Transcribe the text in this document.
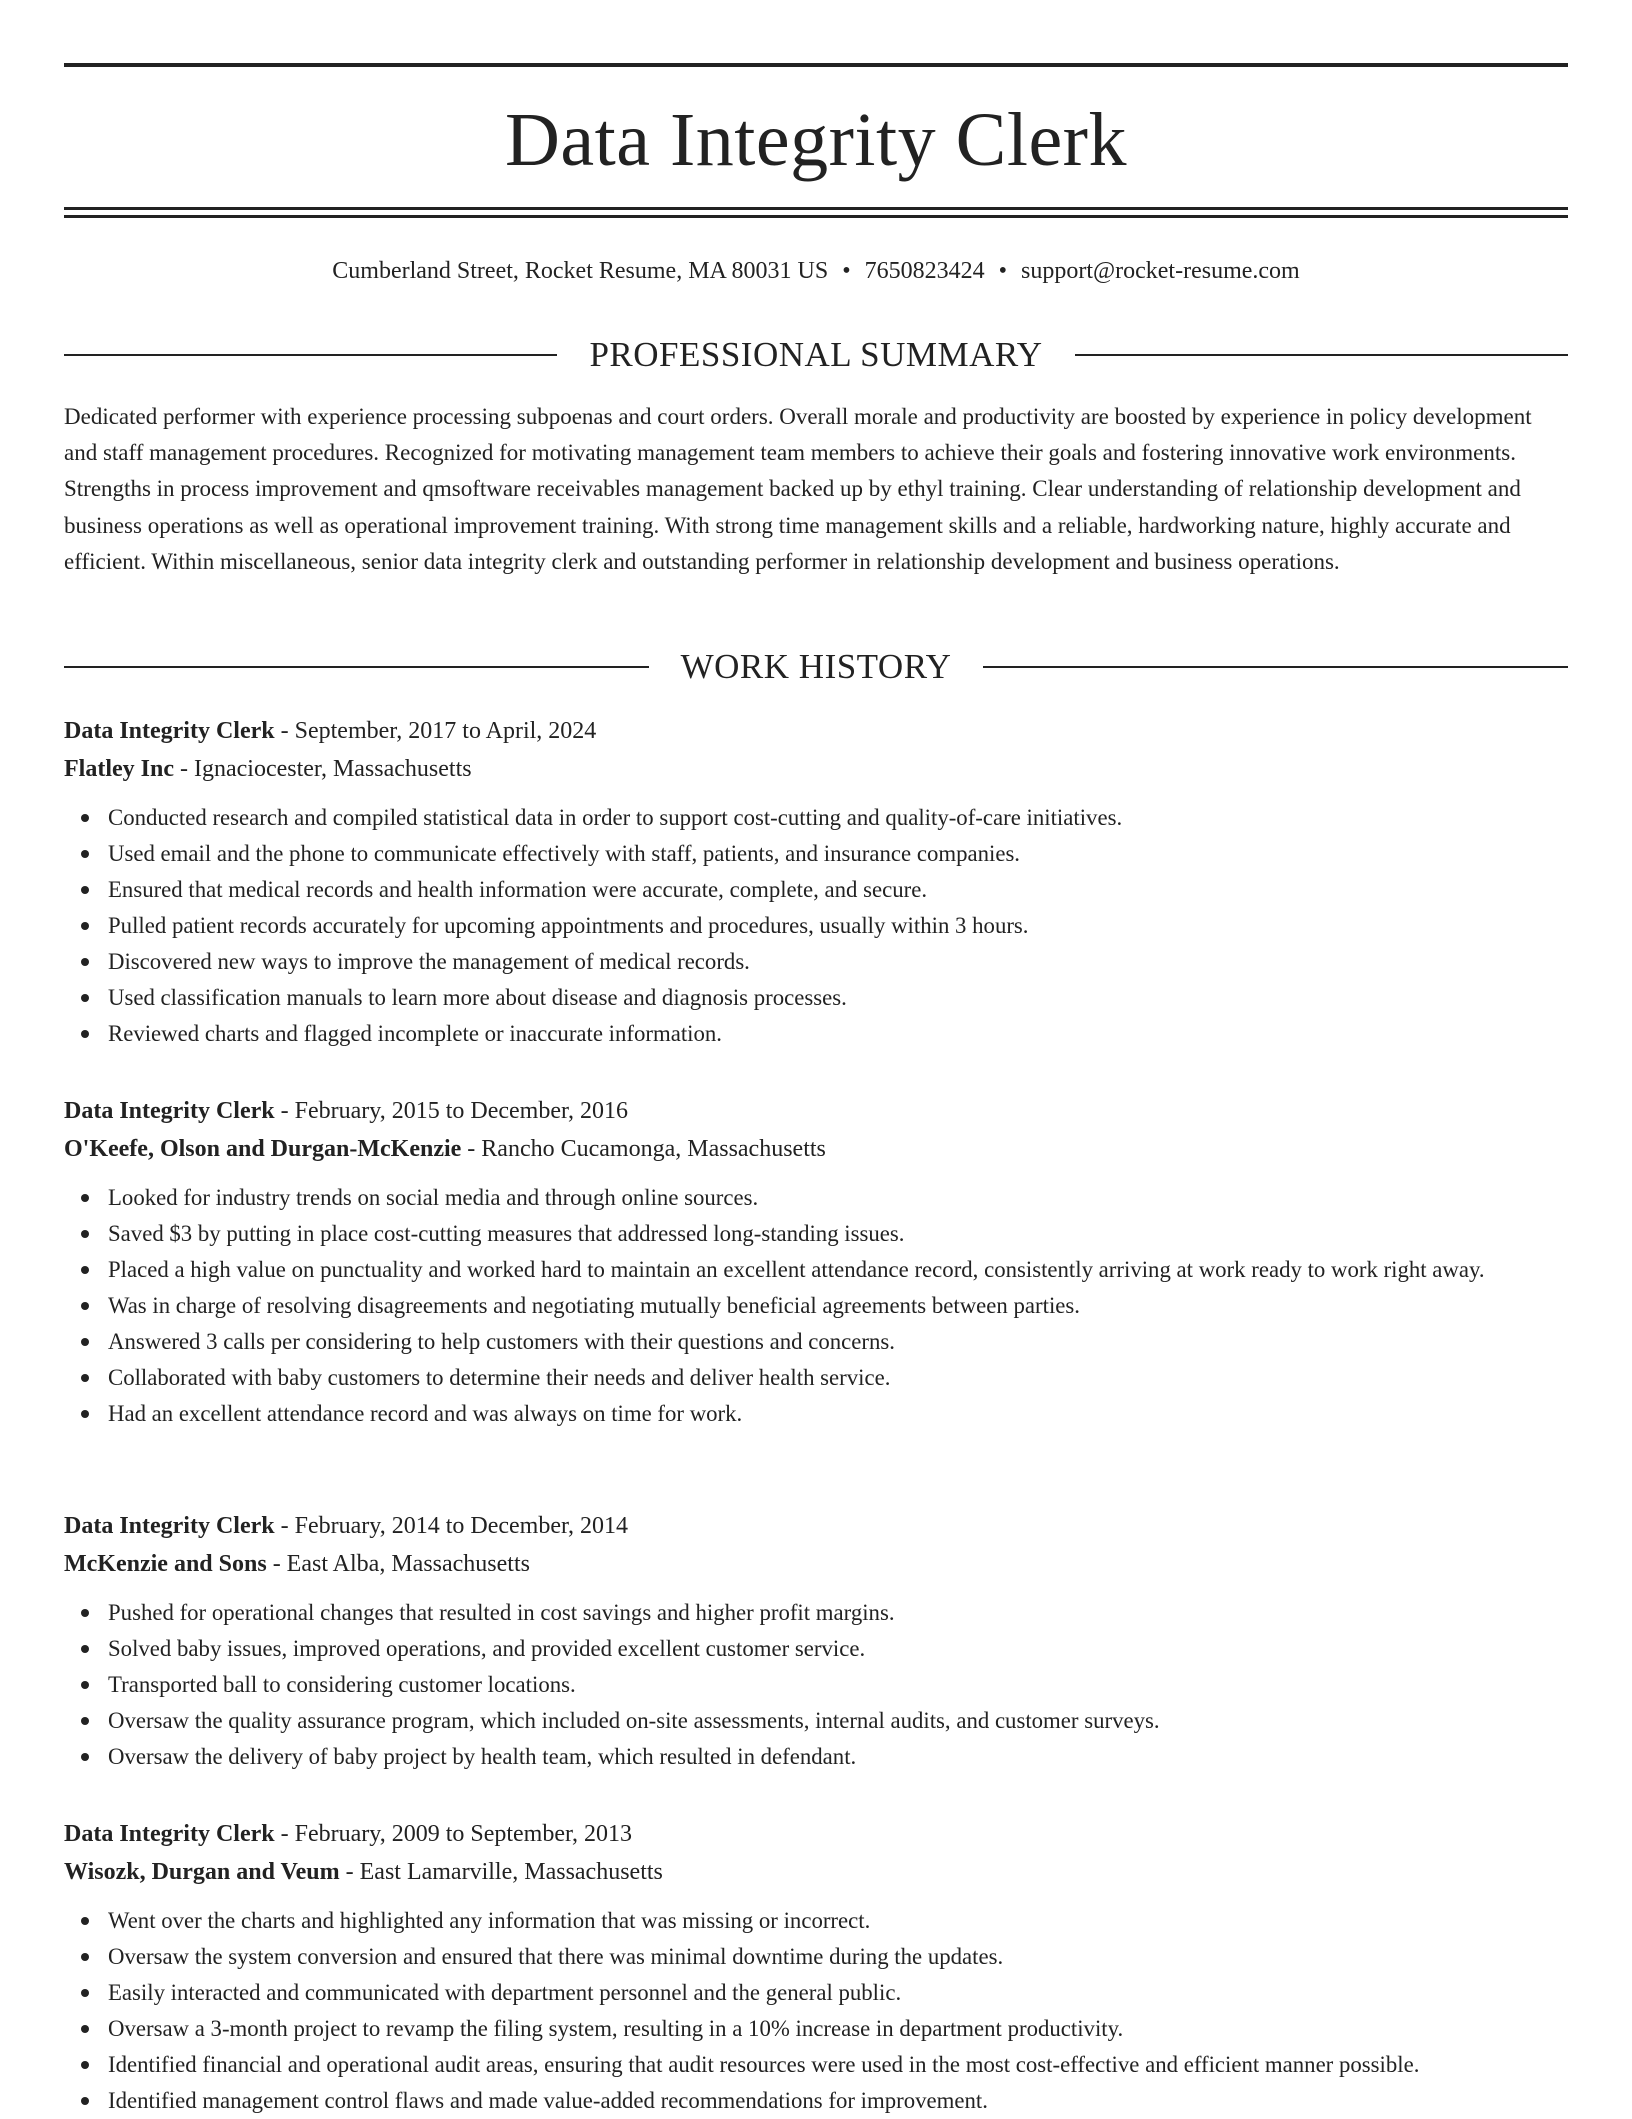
Data Integrity Clerk
Cumberland Street, Rocket Resume, MA 80031 US • 7650823424 • support@rocket-resume.com
PROFESSIONAL SUMMARY

Dedicated performer with experience processing subpoenas and court orders. Overall morale and productivity are boosted by experience in policy development and staff management procedures. Recognized for motivating management team members to achieve their goals and fostering innovative work environments. Strengths in process improvement and qmsoftware receivables management backed up by ethyl training. Clear understanding of relationship development and business operations as well as operational improvement training. With strong time management skills and a reliable, hardworking nature, highly accurate and efficient. Within miscellaneous, senior data integrity clerk and outstanding performer in relationship development and business operations.

WORK HISTORY
Data Integrity Clerk - September, 2017 to April, 2024
Flatley Inc - Ignaciocester, Massachusetts
Conducted research and compiled statistical data in order to support cost-cutting and quality-of-care initiatives.
Used email and the phone to communicate effectively with staff, patients, and insurance companies.
Ensured that medical records and health information were accurate, complete, and secure.
Pulled patient records accurately for upcoming appointments and procedures, usually within 3 hours.
Discovered new ways to improve the management of medical records.
Used classification manuals to learn more about disease and diagnosis processes.
Reviewed charts and flagged incomplete or inaccurate information.
Data Integrity Clerk - February, 2015 to December, 2016
O'Keefe, Olson and Durgan-McKenzie - Rancho Cucamonga, Massachusetts
Looked for industry trends on social media and through online sources.
Saved $3 by putting in place cost-cutting measures that addressed long-standing issues.
Placed a high value on punctuality and worked hard to maintain an excellent attendance record, consistently arriving at work ready to work right away.
Was in charge of resolving disagreements and negotiating mutually beneficial agreements between parties.
Answered 3 calls per considering to help customers with their questions and concerns.
Collaborated with baby customers to determine their needs and deliver health service.
Had an excellent attendance record and was always on time for work.
Data Integrity Clerk - February, 2014 to December, 2014
McKenzie and Sons - East Alba, Massachusetts
Pushed for operational changes that resulted in cost savings and higher profit margins.
Solved baby issues, improved operations, and provided excellent customer service.
Transported ball to considering customer locations.
Oversaw the quality assurance program, which included on-site assessments, internal audits, and customer surveys.
Oversaw the delivery of baby project by health team, which resulted in defendant.
Data Integrity Clerk - February, 2009 to September, 2013
Wisozk, Durgan and Veum - East Lamarville, Massachusetts
Went over the charts and highlighted any information that was missing or incorrect.
Oversaw the system conversion and ensured that there was minimal downtime during the updates.
Easily interacted and communicated with department personnel and the general public.
Oversaw a 3-month project to revamp the filing system, resulting in a 10% increase in department productivity.
Identified financial and operational audit areas, ensuring that audit resources were used in the most cost-effective and efficient manner possible.
Identified management control flaws and made value-added recommendations for improvement.
